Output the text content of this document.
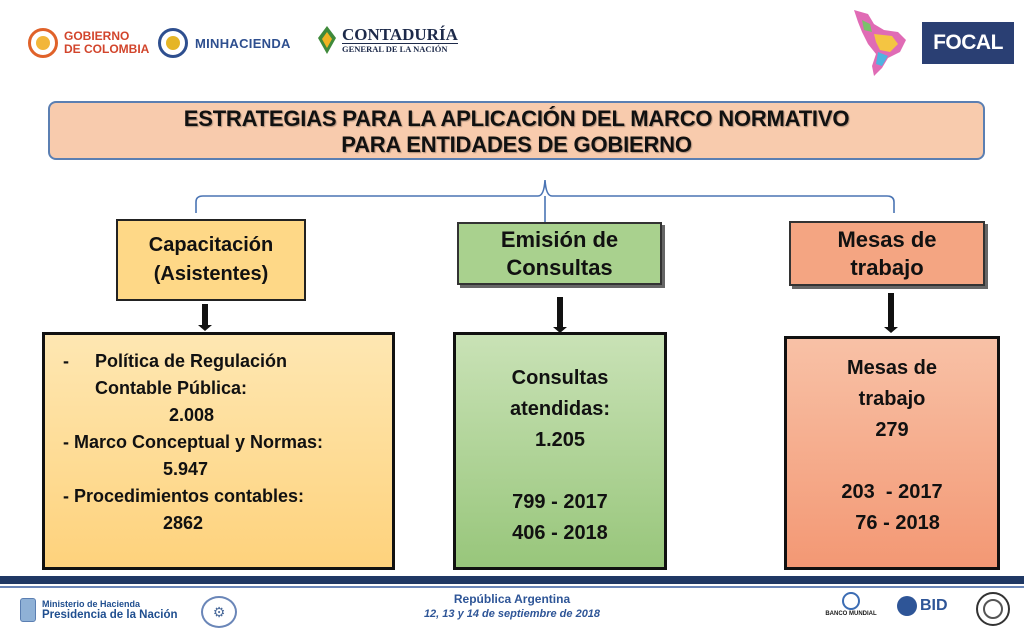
GOBIERNO
DE COLOMBIA	MINHACIENDA	CONTADURÍA
GENERAL DE LA NACIÓN	FOCAL
ESTRATEGIAS PARA LA APLICACIÓN DEL MARCO NORMATIVO
PARA ENTIDADES DE GOBIERNO
Capacitación
(Asistentes)
Emisión de
Consultas
Mesas de
trabajo
- Política de Regulación
Contable Pública:
2.008
- Marco Conceptual y Normas:
5.947
- Procedimientos contables:
2862
Consultas
atendidas:
1.205
799 - 2017
406 - 2018
Mesas de
trabajo
279
203  - 2017
76 - 2018
Ministerio de Hacienda
Presidencia de la Nación	⚙
República Argentina
12, 13 y 14 de septiembre de 2018	BANCO MUNDIAL	BID
